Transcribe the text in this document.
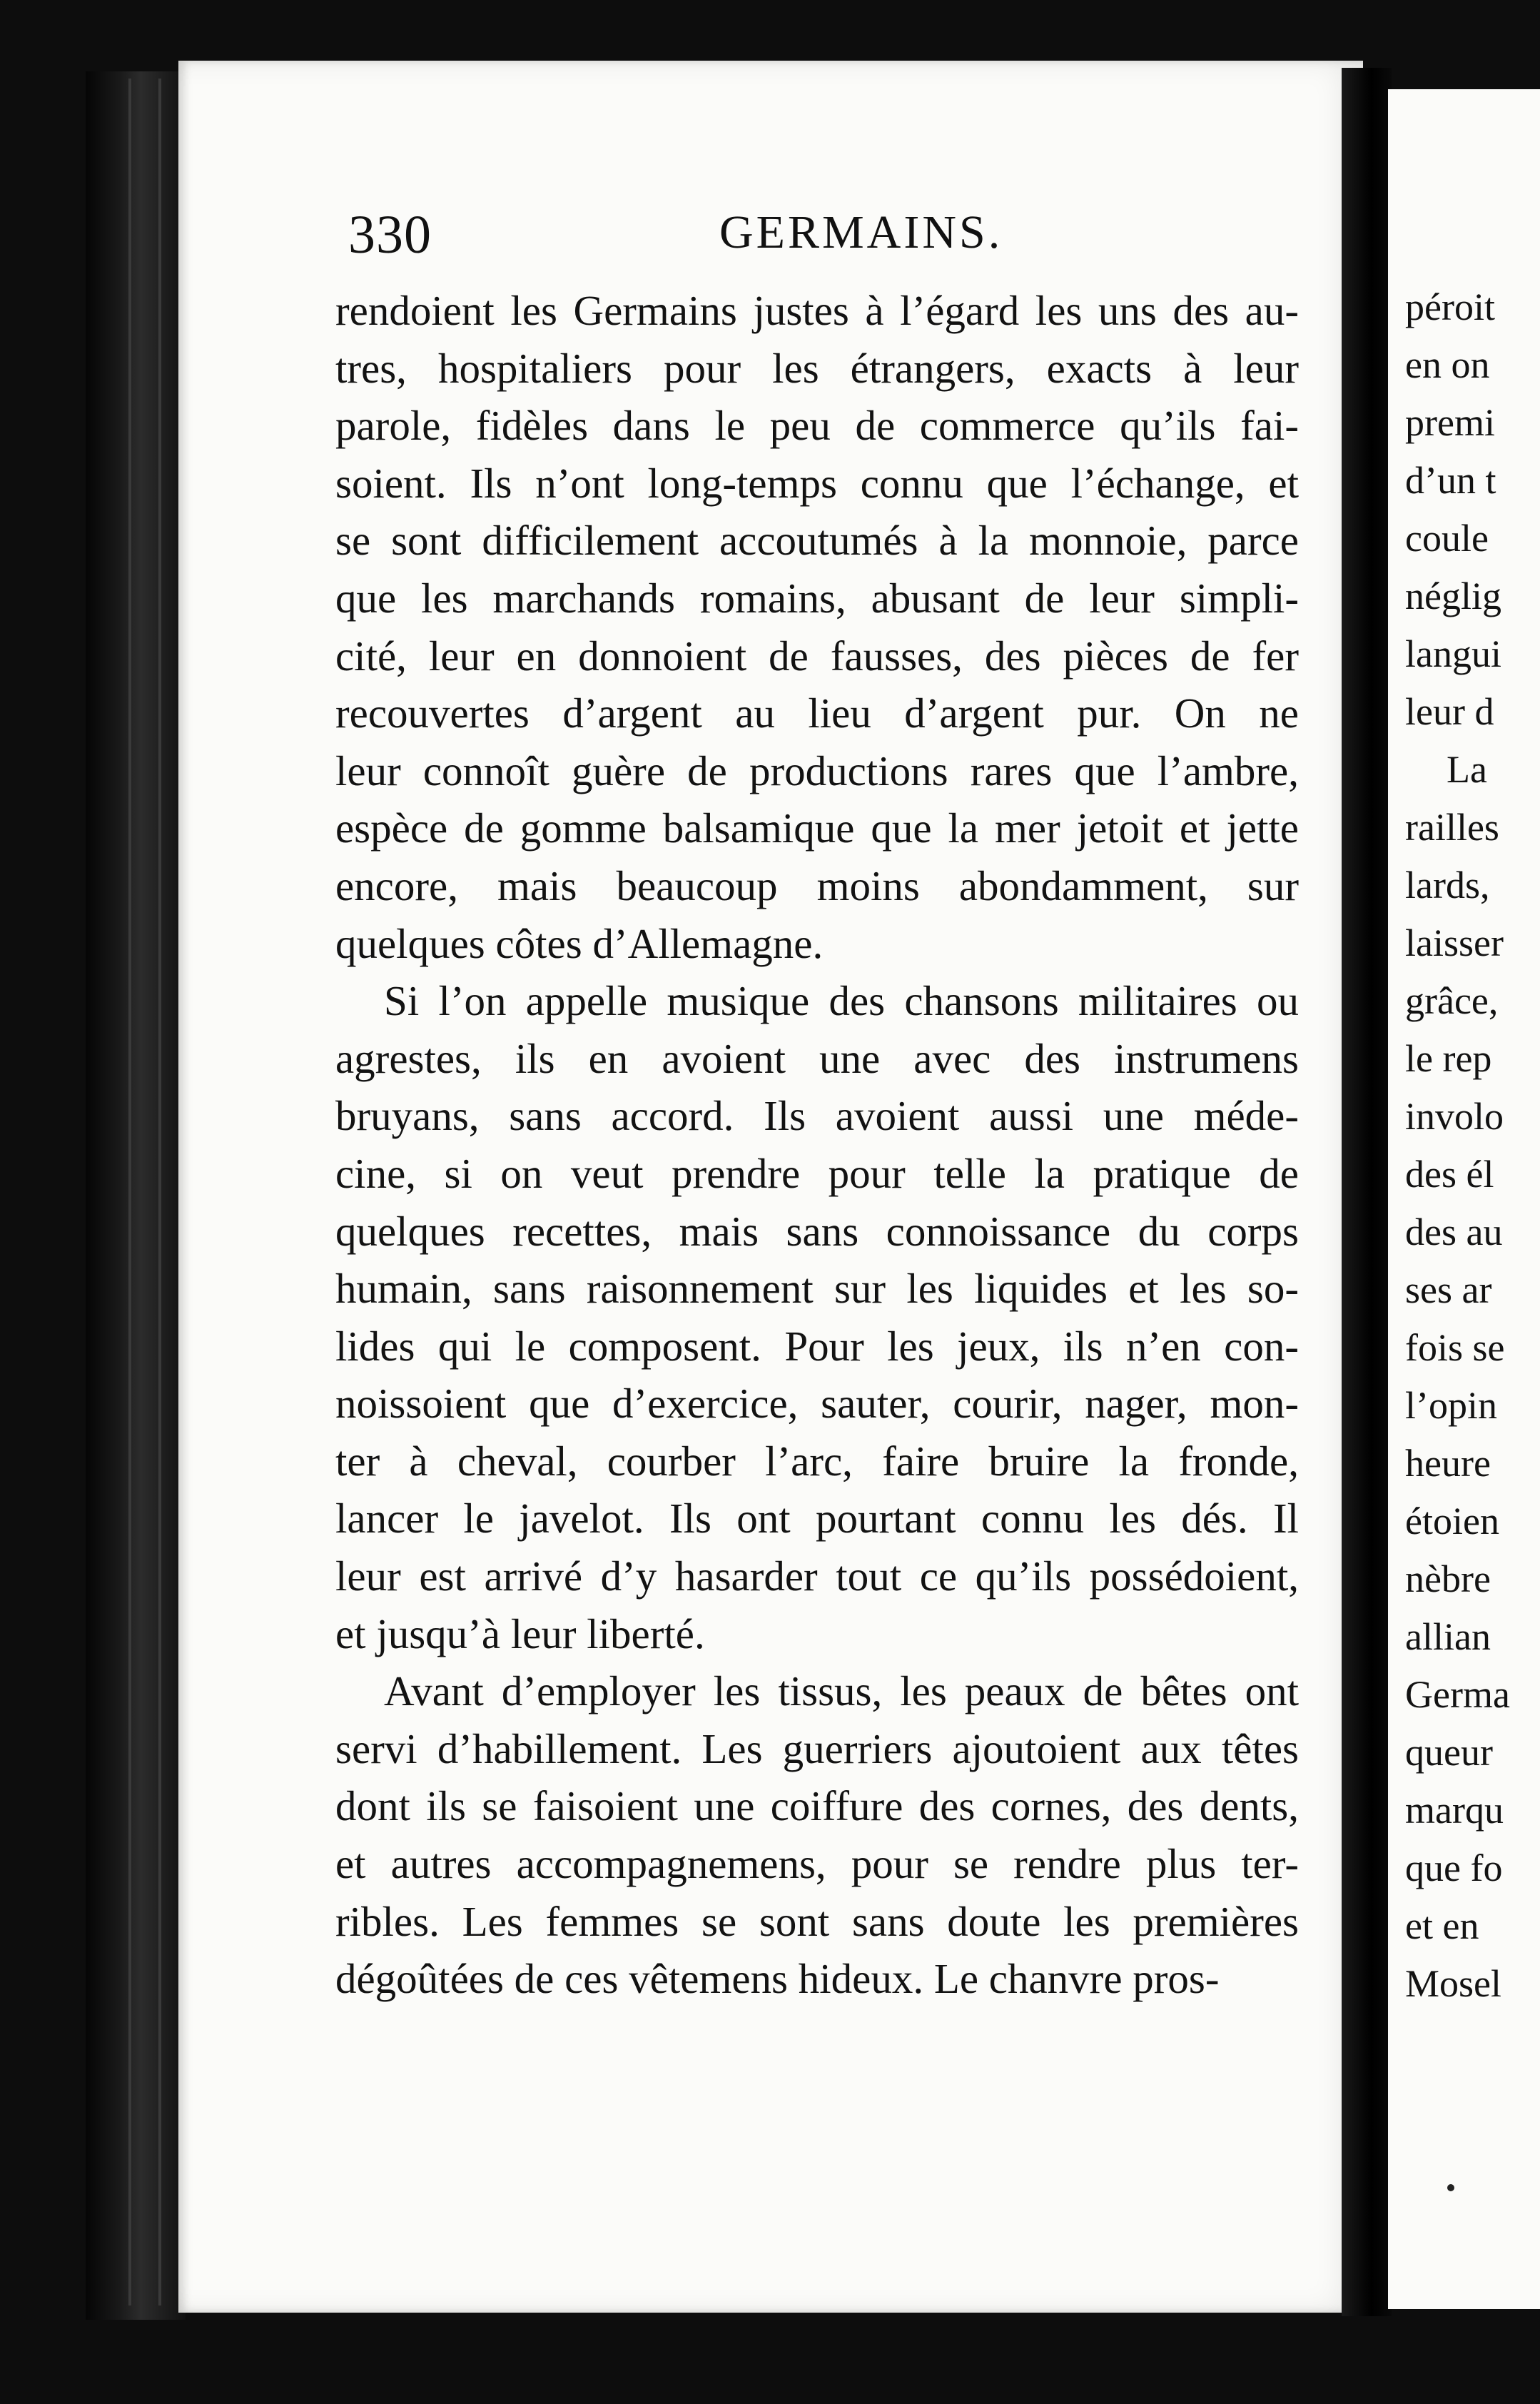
péroit
en on
premi
d’un t
coule
néglig
langui
leur d
La
railles
lards,
laisser
grâce,
le rep
involo
des él
des au
ses ar
fois se
l’opin
heure
étoien
nèbre
allian
Germa
queur
marqu
que fo
et en
Mosel
330	GERMAINS.

rendoient les Germains justes à l’égard les uns des au-
tres, hospitaliers pour les étrangers, exacts à leur
parole, fidèles dans le peu de commerce qu’ils fai-
soient. Ils n’ont long-temps connu que l’échange, et
se sont difficilement accoutumés à la monnoie, parce
que les marchands romains, abusant de leur simpli-
cité, leur en donnoient de fausses, des pièces de fer
recouvertes d’argent au lieu d’argent pur. On ne
leur connoît guère de productions rares que l’ambre,
espèce de gomme balsamique que la mer jetoit et jette
encore, mais beaucoup moins abondamment, sur
quelques côtes d’Allemagne.

Si l’on appelle musique des chansons militaires ou
agrestes, ils en avoient une avec des instrumens
bruyans, sans accord. Ils avoient aussi une méde-
cine, si on veut prendre pour telle la pratique de
quelques recettes, mais sans connoissance du corps
humain, sans raisonnement sur les liquides et les so-
lides qui le composent. Pour les jeux, ils n’en con-
noissoient que d’exercice, sauter, courir, nager, mon-
ter à cheval, courber l’arc, faire bruire la fronde,
lancer le javelot. Ils ont pourtant connu les dés. Il
leur est arrivé d’y hasarder tout ce qu’ils possédoient,
et jusqu’à leur liberté.

Avant d’employer les tissus, les peaux de bêtes ont
servi d’habillement. Les guerriers ajoutoient aux têtes
dont ils se faisoient une coiffure des cornes, des dents,
et autres accompagnemens, pour se rendre plus ter-
ribles. Les femmes se sont sans doute les premières
dégoûtées de ces vêtemens hideux. Le chanvre pros-
